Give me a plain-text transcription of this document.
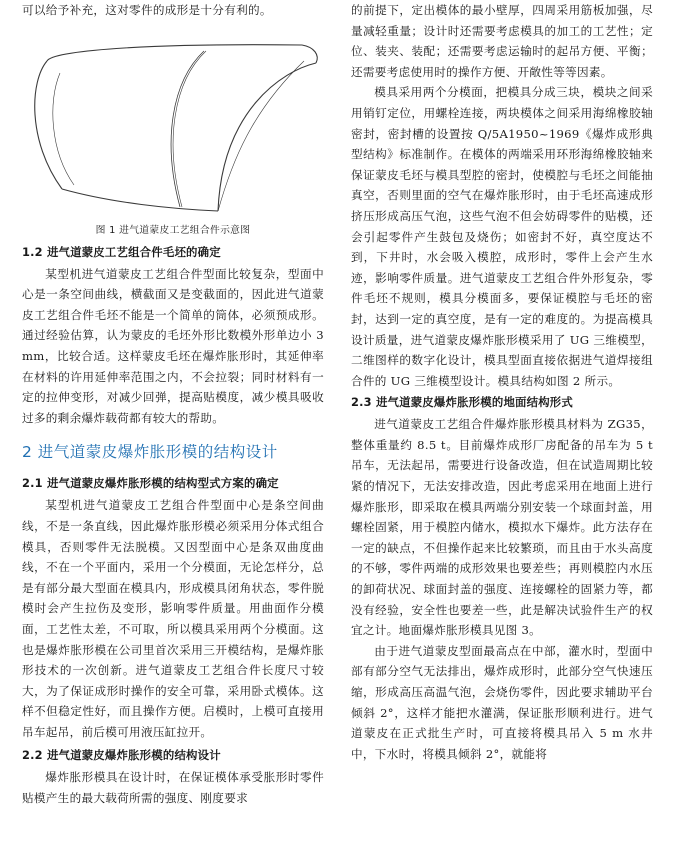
可以给予补充，这对零件的成形是十分有利的。

图 1 进气道蒙皮工艺组合件示意图

1.2 进气道蒙皮工艺组合件毛坯的确定

某型机进气道蒙皮工艺组合件型面比较复杂，型面中心是一条空间曲线，横截面又是变截面的，因此进气道蒙皮工艺组合件毛坯不能是一个简单的筒体，必须预成形。通过经验估算，认为蒙皮的毛坯外形比数模外形单边小 3 mm，比较合适。这样蒙皮毛坯在爆炸胀形时，其延伸率在材料的许用延伸率范围之内，不会拉裂；同时材料有一定的拉伸变形，对减少回弹，提高贴模度，减少模具吸收过多的剩余爆炸载荷都有较大的帮助。

2 进气道蒙皮爆炸胀形模的结构设计
2.1 进气道蒙皮爆炸胀形模的结构型式方案的确定

某型机进气道蒙皮工艺组合件型面中心是条空间曲线，不是一条直线，因此爆炸胀形模必须采用分体式组合模具，否则零件无法脱模。又因型面中心是条双曲度曲线，不在一个平面内，采用一个分模面，无论怎样分，总是有部分最大型面在模具内，形成模具闭角状态，零件脱模时会产生拉伤及变形，影响零件质量。用曲面作分模面，工艺性太差，不可取，所以模具采用两个分模面。这也是爆炸胀形模在公司里首次采用三开模结构，是爆炸胀形技术的一次创新。进气道蒙皮工艺组合件长度尺寸较大，为了保证成形时操作的安全可靠，采用卧式模体。这样不但稳定性好，而且操作方便。启模时，上模可直接用吊车起吊，前后模可用液压缸拉开。

2.2 进气道蒙皮爆炸胀形模的结构设计

爆炸胀形模具在设计时，在保证模体承受胀形时零件贴模产生的最大载荷所需的强度、刚度要求

的前提下，定出模体的最小壁厚，四周采用筋板加强，尽量减轻重量；设计时还需要考虑模具的加工的工艺性；定位、装夹、装配；还需要考虑运输时的起吊方便、平衡；还需要考虑使用时的操作方便、开敞性等等因素。

模具采用两个分模面，把模具分成三块，模块之间采用销钉定位，用螺栓连接，两块模体之间采用海绵橡胶轴密封，密封槽的设置按 Q/5A1950~1969《爆炸成形典型结构》标准制作。在模体的两端采用环形海绵橡胶轴来保证蒙皮毛坯与模具型腔的密封，使模腔与毛坯之间能抽真空，否则里面的空气在爆炸胀形时，由于毛坯高速成形挤压形成高压气泡，这些气泡不但会妨碍零件的贴模，还会引起零件产生鼓包及烧伤；如密封不好，真空度达不到，下井时，水会吸入模腔，成形时，零件上会产生水迹，影响零件质量。进气道蒙皮工艺组合件外形复杂，零件毛坯不规则，模具分模面多，要保证模腔与毛坯的密封，达到一定的真空度，是有一定的难度的。为提高模具设计质量，进气道蒙皮爆炸胀形模采用了 UG 三维模型，二维图样的数字化设计，模具型面直接依据进气道焊接组合件的 UG 三维模型设计。模具结构如图 2 所示。

2.3 进气道蒙皮爆炸胀形模的地面结构形式

进气道蒙皮工艺组合件爆炸胀形模具材料为 ZG35，整体重量约 8.5 t。目前爆炸成形厂房配备的吊车为 5 t 吊车，无法起吊，需要进行设备改造，但在试造周期比较紧的情况下，无法安排改造，因此考虑采用在地面上进行爆炸胀形，即采取在模具两端分别安装一个球面封盖，用螺栓固紧，用于模腔内储水，模拟水下爆炸。此方法存在一定的缺点，不但操作起来比较繁琐，而且由于水头高度的不够，零件两端的成形效果也要差些；再则模腔内水压的卸荷状况、球面封盖的强度、连接螺栓的固紧力等，都没有经验，安全性也要差一些，此是解决试验件生产的权宜之计。地面爆炸胀形模具见图 3。

由于进气道蒙皮型面最高点在中部，灌水时，型面中部有部分空气无法排出，爆炸成形时，此部分空气快速压缩，形成高压高温气泡，会烧伤零件，因此要求辅助平台倾斜 2°，这样才能把水灌满，保证胀形顺利进行。进气道蒙皮在正式批生产时，可直接将模具吊入 5 m 水井中，下水时，将模具倾斜 2°，就能将
